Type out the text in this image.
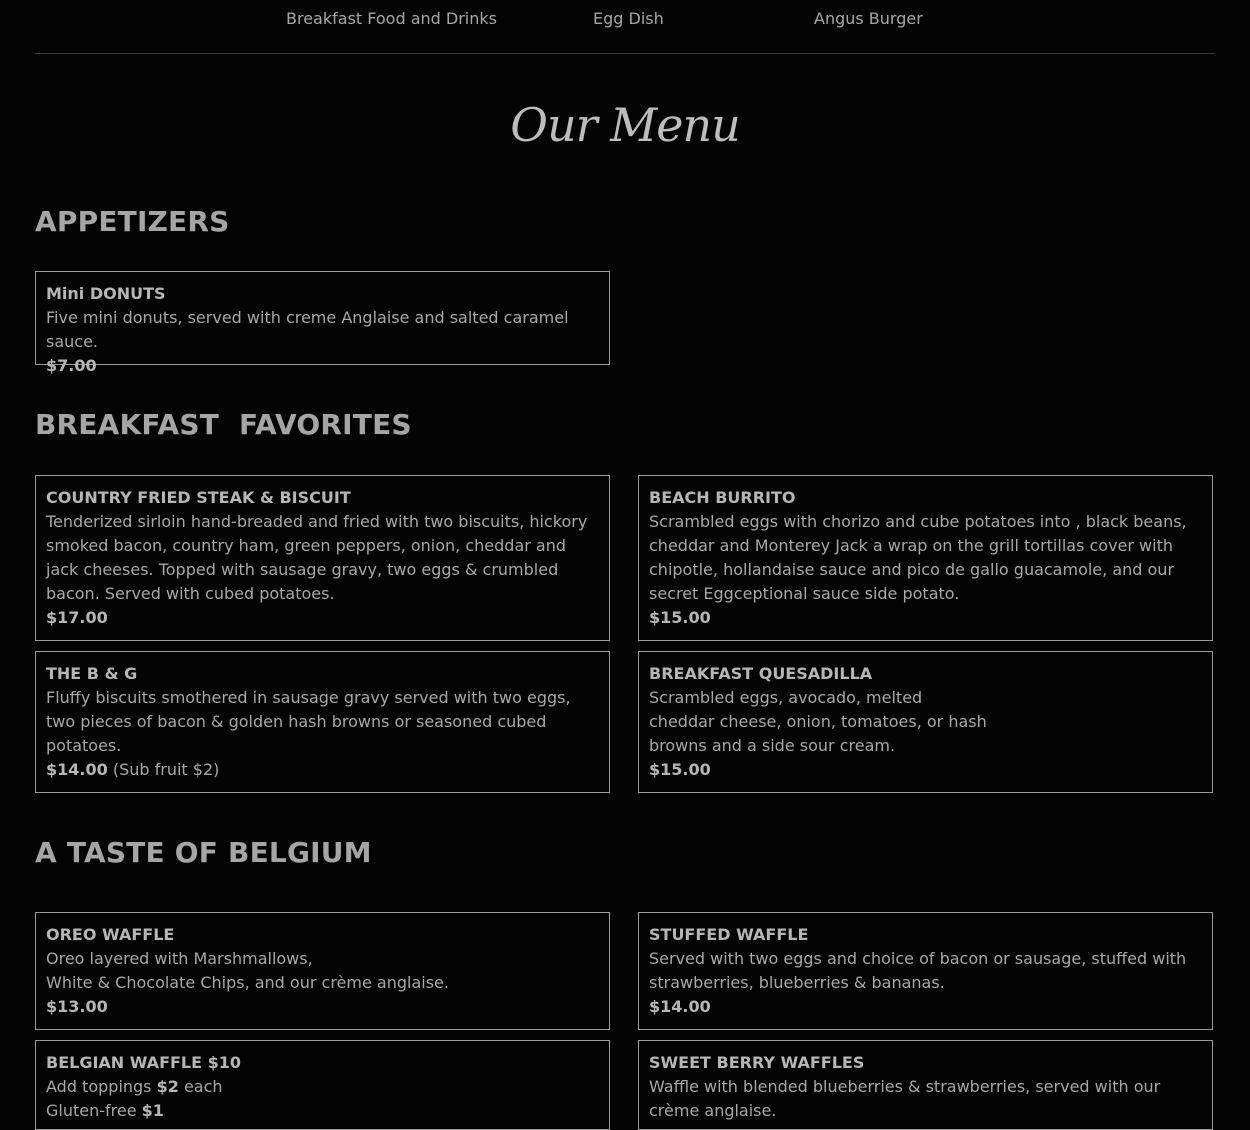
Breakfast Food and Drinks	Egg Dish	Angus Burger
Our Menu
APPETIZERS
Mini DONUTS
Five mini donuts, served with creme Anglaise and salted caramel sauce.
$7.00
BREAKFAST  FAVORITES
COUNTRY FRIED STEAK & BISCUIT
Tenderized sirloin hand-breaded and fried with two biscuits, hickory smoked bacon, country ham, green peppers, onion, cheddar and jack cheeses. Topped with sausage gravy, two eggs & crumbled bacon. Served with cubed potatoes.
$17.00
BEACH BURRITO
Scrambled eggs with chorizo and cube potatoes into , black beans, cheddar and Monterey Jack a wrap on the grill tortillas cover with chipotle, hollandaise sauce and pico de gallo guacamole, and our secret Eggceptional sauce side potato.
$15.00
THE B & G
Fluffy biscuits smothered in sausage gravy served with two eggs, two pieces of bacon & golden hash browns or seasoned cubed potatoes.
$14.00 (Sub fruit $2)
BREAKFAST QUESADILLA
Scrambled eggs, avocado, melted
cheddar cheese, onion, tomatoes, or hash
browns and a side sour cream.
$15.00
A TASTE OF BELGIUM
OREO WAFFLE
Oreo layered with Marshmallows,
White & Chocolate Chips, and our crème anglaise.
$13.00
STUFFED WAFFLE
Served with two eggs and choice of bacon or sausage, stuffed with strawberries, blueberries & bananas.
$14.00
BELGIAN WAFFLE $10
Add toppings $2 each
Gluten-free $1
SWEET BERRY WAFFLES
Waffle with blended blueberries & strawberries, served with our crème anglaise.
